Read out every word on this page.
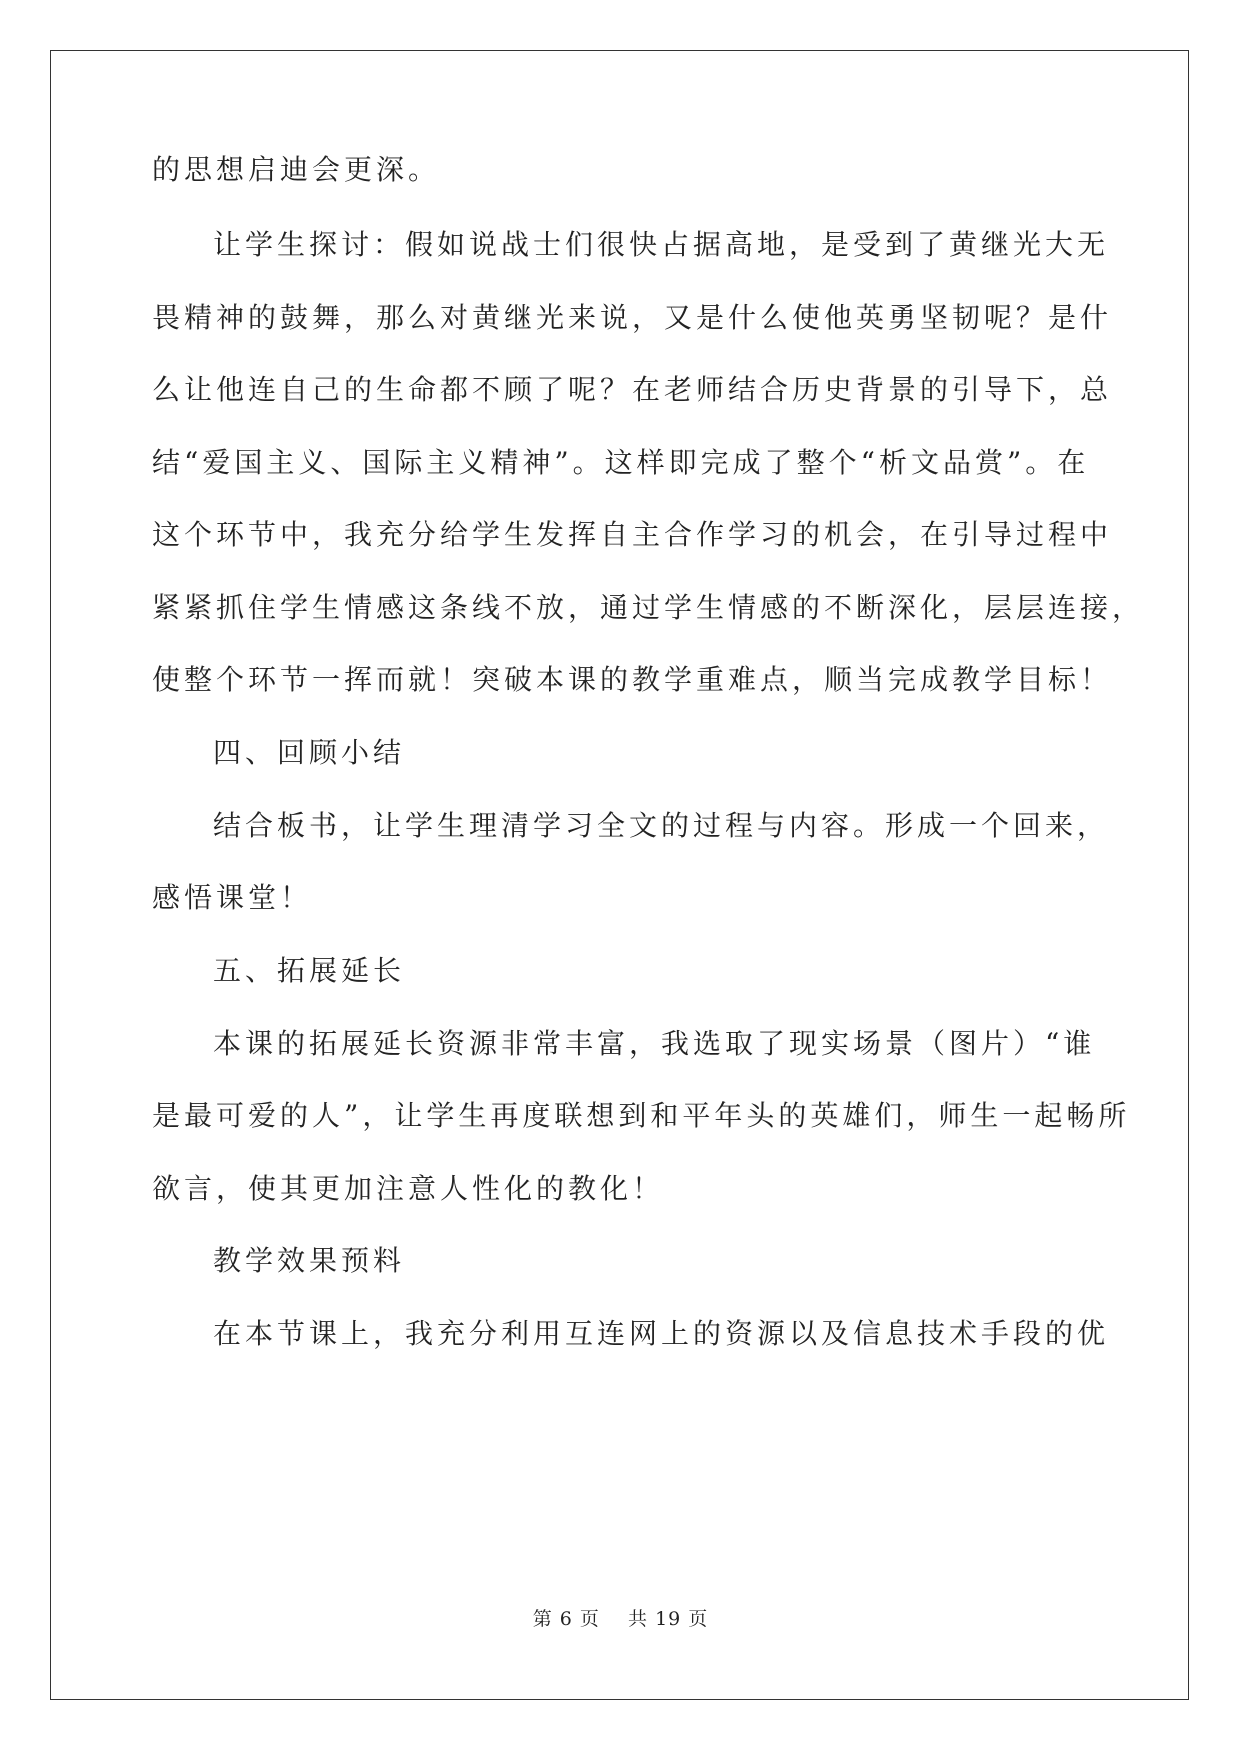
的思想启迪会更深。
让学生探讨：假如说战士们很快占据高地，是受到了黄继光大无
畏精神的鼓舞，那么对黄继光来说，又是什么使他英勇坚韧呢？是什
么让他连自己的生命都不顾了呢？在老师结合历史背景的引导下，总
结“爱国主义、国际主义精神”。这样即完成了整个“析文品赏”。在
这个环节中，我充分给学生发挥自主合作学习的机会，在引导过程中
紧紧抓住学生情感这条线不放，通过学生情感的不断深化，层层连接，
使整个环节一挥而就！突破本课的教学重难点，顺当完成教学目标！
四、回顾小结
结合板书，让学生理清学习全文的过程与内容。形成一个回来，
感悟课堂！
五、拓展延长
本课的拓展延长资源非常丰富，我选取了现实场景（图片）“谁
是最可爱的人”，让学生再度联想到和平年头的英雄们，师生一起畅所
欲言，使其更加注意人性化的教化！
教学效果预料
在本节课上，我充分利用互连网上的资源以及信息技术手段的优
第 6 页    共 19 页
